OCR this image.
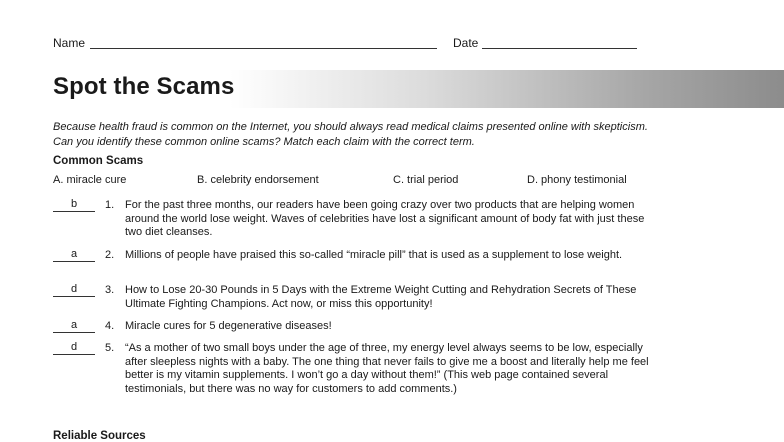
Name	Date
Spot the Scams
Because health fraud is common on the Internet, you should always read medical claims presented online with skepticism. Can you identify these common online scams? Match each claim with the correct term.
Common Scams
A. miracle cure	B. celebrity endorsement	C. trial period	D. phony testimonial
b	1. For the past three months, our readers have been going crazy over two products that are helping women around the world lose weight. Waves of celebrities have lost a significant amount of body fat with just these two diet cleanses.
a	2. Millions of people have praised this so-called “miracle pill” that is used as a supplement to lose weight.
d	3. How to Lose 20-30 Pounds in 5 Days with the Extreme Weight Cutting and Rehydration Secrets of These Ultimate Fighting Champions. Act now, or miss this opportunity!
a	4. Miracle cures for 5 degenerative diseases!
d	5. “As a mother of two small boys under the age of three, my energy level always seems to be low, especially after sleepless nights with a baby. The one thing that never fails to give me a boost and literally help me feel better is my vitamin supplements. I won’t go a day without them!” (This web page contained several testimonials, but there was no way for customers to add comments.)
Reliable Sources
